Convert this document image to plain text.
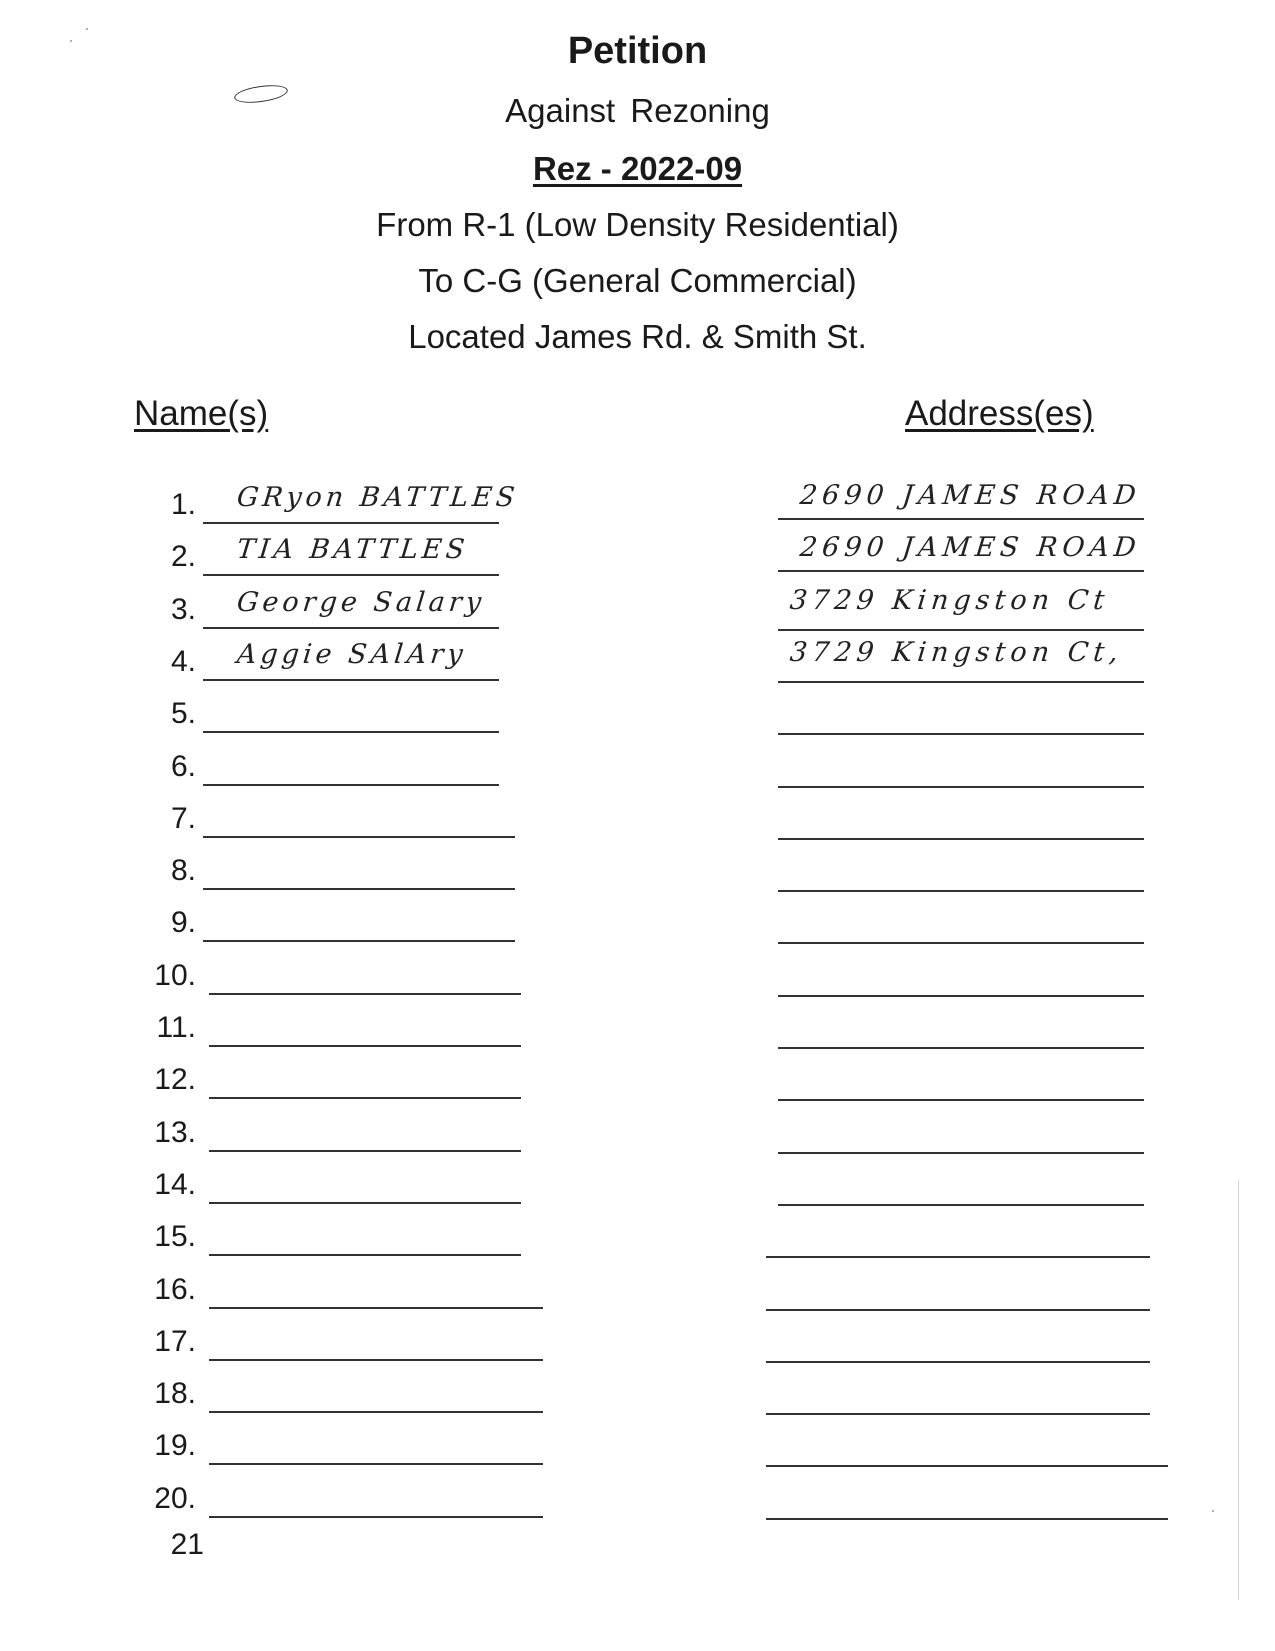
Petition
Against Rezoning
Rez - 2022-09
From R-1 (Low Density Residential)
To C-G (General Commercial)
Located James Rd. & Smith St.
Name(s)	Address(es)
1. GRyon BATTLES	2690 JAMES ROAD
2. TIA BATTLES	2690 JAMES ROAD
3. George Salary	3729 Kingston Ct
4. Aggie SAlAry	3729 Kingston Ct,
5.
6.
7.
8.
9.
10.
11.
12.
13.
14.
15.
16.
17.
18.
19.
20.
21
